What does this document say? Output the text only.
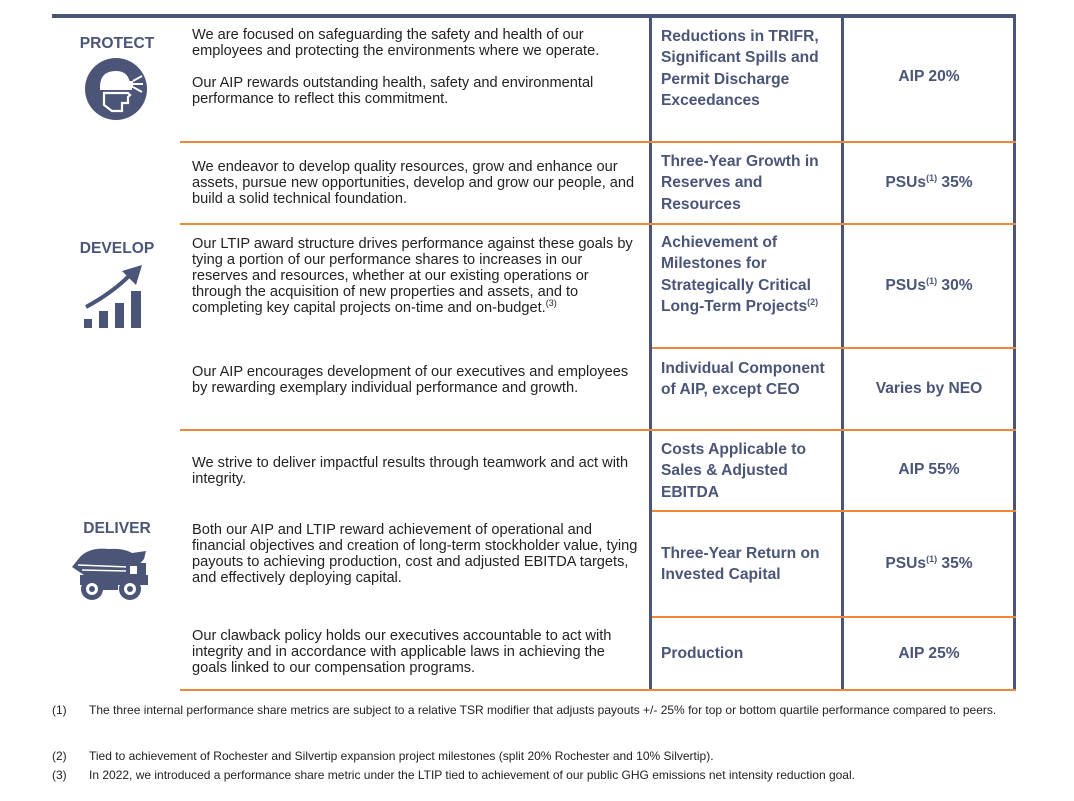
PROTECT
DEVELOP
DELIVER

We are focused on safeguarding the safety and health of our employees and protecting the environments where we operate.

Our AIP rewards outstanding health, safety and environmental performance to reflect this commitment.

Reductions in TRIFR, Significant Spills and Permit Discharge Exceedances
AIP 20%

We endeavor to develop quality resources, grow and enhance our assets, pursue new opportunities, develop and grow our people, and build a solid technical foundation.

Three-Year Growth in Reserves and Resources
PSUs$^{(1)}$ 35%

Our LTIP award structure drives performance against these goals by tying a portion of our performance shares to increases in our reserves and resources, whether at our existing operations or through the acquisition of new properties and assets, and to completing key capital projects on-time and on-budget.$^{(3)}$

Achievement of Milestones for Strategically Critical Long-Term Projects$^{(2)}$
PSUs$^{(1)}$ 30%

Our AIP encourages development of our executives and employees by rewarding exemplary individual performance and growth.

Individual Component of AIP, except CEO	Varies by NEO

We strive to deliver impactful results through teamwork and act with integrity.

Costs Applicable to Sales & Adjusted EBITDA
AIP 55%

Both our AIP and LTIP reward achievement of operational and financial objectives and creation of long-term stockholder value, tying payouts to achieving production, cost and adjusted EBITDA targets, and effectively deploying capital.

Three-Year Return on Invested Capital
PSUs$^{(1)}$ 35%

Our clawback policy holds our executives accountable to act with integrity and in accordance with applicable laws in achieving the goals linked to our compensation programs.

Production	AIP 25%
(1) The three internal performance share metrics are subject to a relative TSR modifier that adjusts payouts +/- 25% for top or bottom quartile performance compared to peers.
(2) Tied to achievement of Rochester and Silvertip expansion project milestones (split 20% Rochester and 10% Silvertip).
(3) In 2022, we introduced a performance share metric under the LTIP tied to achievement of our public GHG emissions net intensity reduction goal.
